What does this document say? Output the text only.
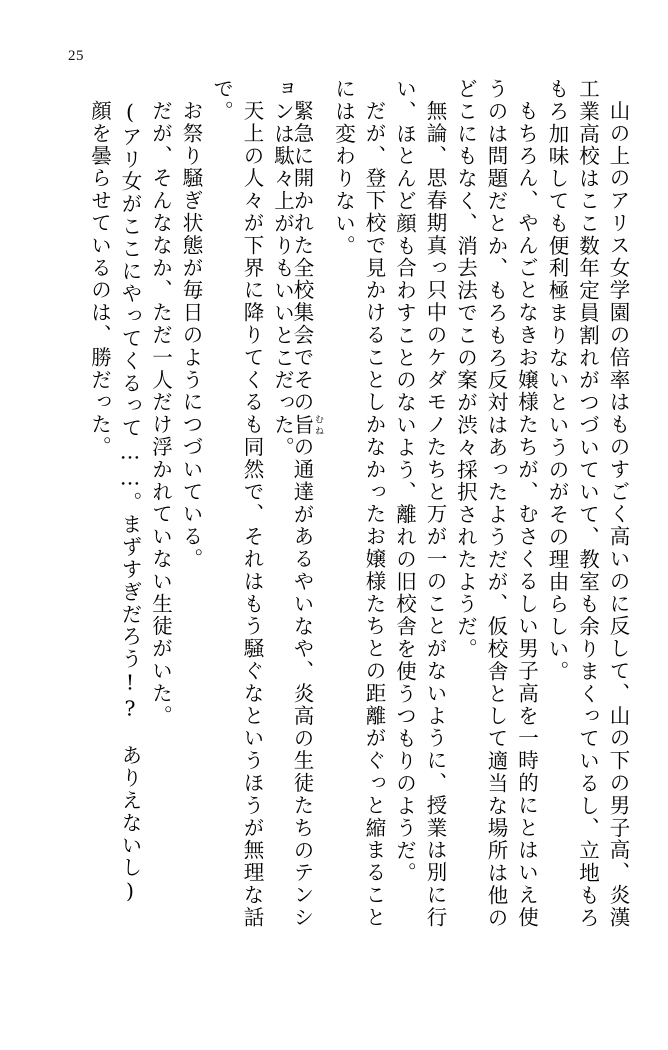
25
山の上のアリス女学園の倍率はものすごく高いのに反して、山の下の男子高、炎漢
工業高校はここ数年定員割れがつづいていて、教室も余りまくっているし、立地もろ
もろ加味しても便利極まりないというのがその理由らしい。
もちろん、やんごとなきお嬢様たちが、むさくるしい男子高を一時的にとはいえ使
うのは問題だとか、もろもろ反対はあったようだが、仮校舎として適当な場所は他の
どこにもなく、消去法でこの案が渋々採択されたようだ。
無論、思春期真っ只中のケダモノたちと万が一のことがないように、授業は別に行
い、ほとんど顔も合わすことのないよう、離れの旧校舎を使うつもりのようだ。
だが、登下校で見かけることしかなかったお嬢様たちとの距離がぐっと縮まること
には変わりない。
緊急に開かれた全校集会でその旨 むねの通達があるやいなや、炎高の生徒たちのテンシ
ョンは駄々上がりもいいとこだった。
天上の人々が下界に降りてくるも同然で、それはもう騒ぐなというほうが無理な話
で。
お祭り騒ぎ状態が毎日のようにつづいている。
だが、そんななか、ただ一人だけ浮かれていない生徒がいた。
(アリ女がここにやってくるって……。まずすぎだろう!?　ありえないし)
顔を曇らせているのは、勝だった。
